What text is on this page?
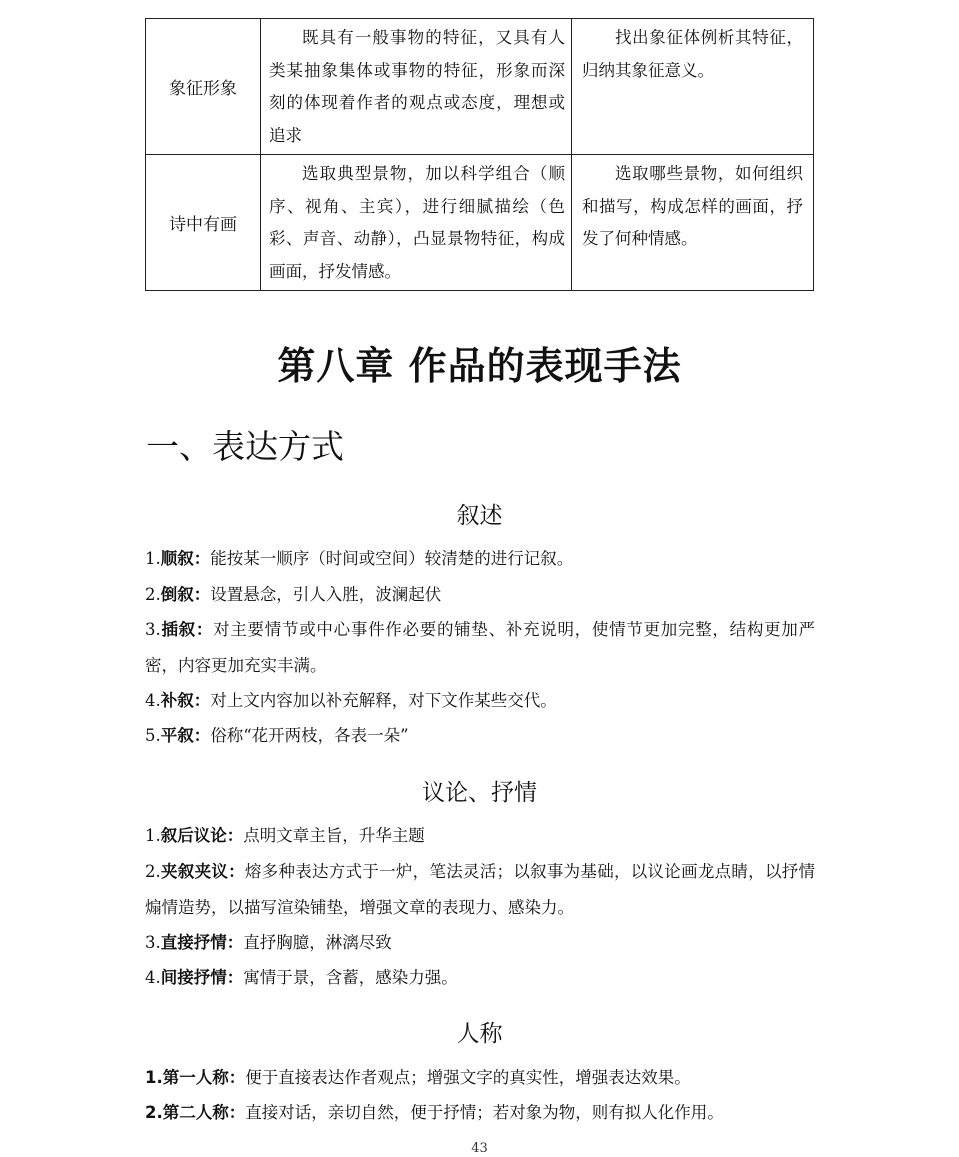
象征形象	既具有一般事物的特征，又具有人类某抽象集体或事物的特征，形象而深刻的体现着作者的观点或态度，理想或追求	找出象征体例析其特征，归纳其象征意义。

诗中有画	选取典型景物，加以科学组合（顺序、视角、主宾），进行细腻描绘（色彩、声音、动静），凸显景物特征，构成画面，抒发情感。	选取哪些景物，如何组织和描写，构成怎样的画面，抒发了何种情感。

第八章 作品的表现手法
一、表达方式
叙述

1.顺叙：能按某一顺序（时间或空间）较清楚的进行记叙。

2.倒叙：设置悬念，引人入胜，波澜起伏

3.插叙：对主要情节或中心事件作必要的铺垫、补充说明，使情节更加完整，结构更加严密，内容更加充实丰满。

4.补叙：对上文内容加以补充解释，对下文作某些交代。

5.平叙：俗称“花开两枝，各表一朵”

议论、抒情

1.叙后议论：点明文章主旨，升华主题

2.夹叙夹议：熔多种表达方式于一炉，笔法灵活；以叙事为基础，以议论画龙点睛，以抒情煽情造势，以描写渲染铺垫，增强文章的表现力、感染力。

3.直接抒情：直抒胸臆，淋漓尽致

4.间接抒情：寓情于景，含蓄，感染力强。

人称

1.第一人称：便于直接表达作者观点；增强文字的真实性，增强表达效果。

2.第二人称：直接对话，亲切自然，便于抒情；若对象为物，则有拟人化作用。

43
